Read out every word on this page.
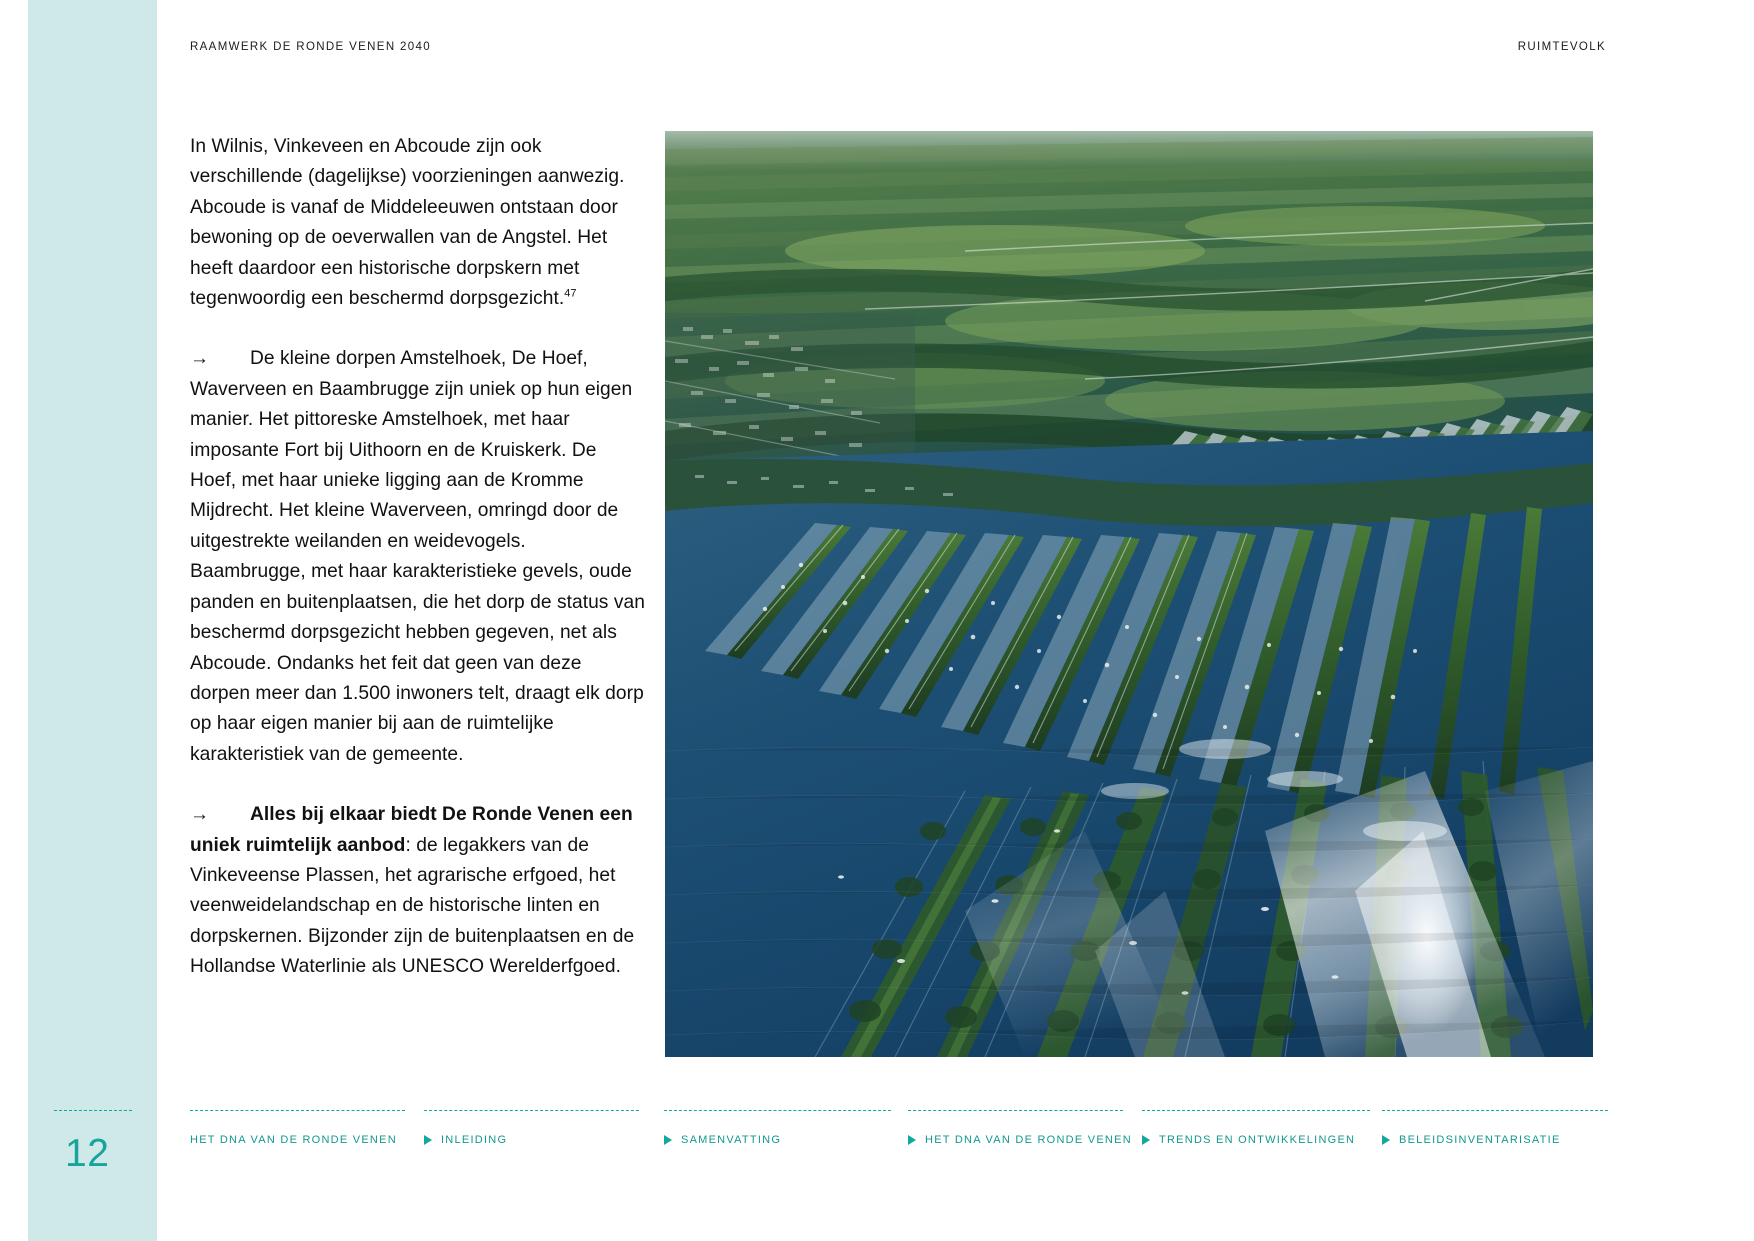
RAAMWERK DE RONDE VENEN 2040	RUIMTEVOLK

In Wilnis, Vinkeveen en Abcoude zijn ook verschillende (dagelijkse) voorzieningen aanwezig. Abcoude is vanaf de Middeleeuwen ontstaan door bewoning op de oeverwallen van de Angstel. Het heeft daardoor een historische dorpskern met tegenwoordig een beschermd dorpsgezicht.$^{47}$

→ De kleine dorpen Amstelhoek, De Hoef, Waverveen en Baambrugge zijn uniek op hun eigen manier. Het pittoreske Amstelhoek, met haar imposante Fort bij Uithoorn en de Kruiskerk. De Hoef, met haar unieke ligging aan de Kromme Mijdrecht. Het kleine Waverveen, omringd door de uitgestrekte weilanden en weidevogels. Baambrugge, met haar karakteristieke gevels, oude panden en buitenplaatsen, die het dorp de status van beschermd dorpsgezicht hebben gegeven, net als Abcoude. Ondanks het feit dat geen van deze dorpen meer dan 1.500 inwoners telt, draagt elk dorp op haar eigen manier bij aan de ruimtelijke karakteristiek van de gemeente.

→ Alles bij elkaar biedt De Ronde Venen een uniek ruimtelijk aanbod: de legakkers van de Vinkeveense Plassen, het agrarische erfgoed, het veenweidelandschap en de historische linten en dorpskernen. Bijzonder zijn de buitenplaatsen en de Hollandse Waterlinie als UNESCO Werelderfgoed.

12	HET DNA VAN DE RONDE VENEN	INLEIDING	SAMENVATTING	HET DNA VAN DE RONDE VENEN TRENDS EN ONTWIKKELINGEN	BELEIDSINVENTARISATIE
